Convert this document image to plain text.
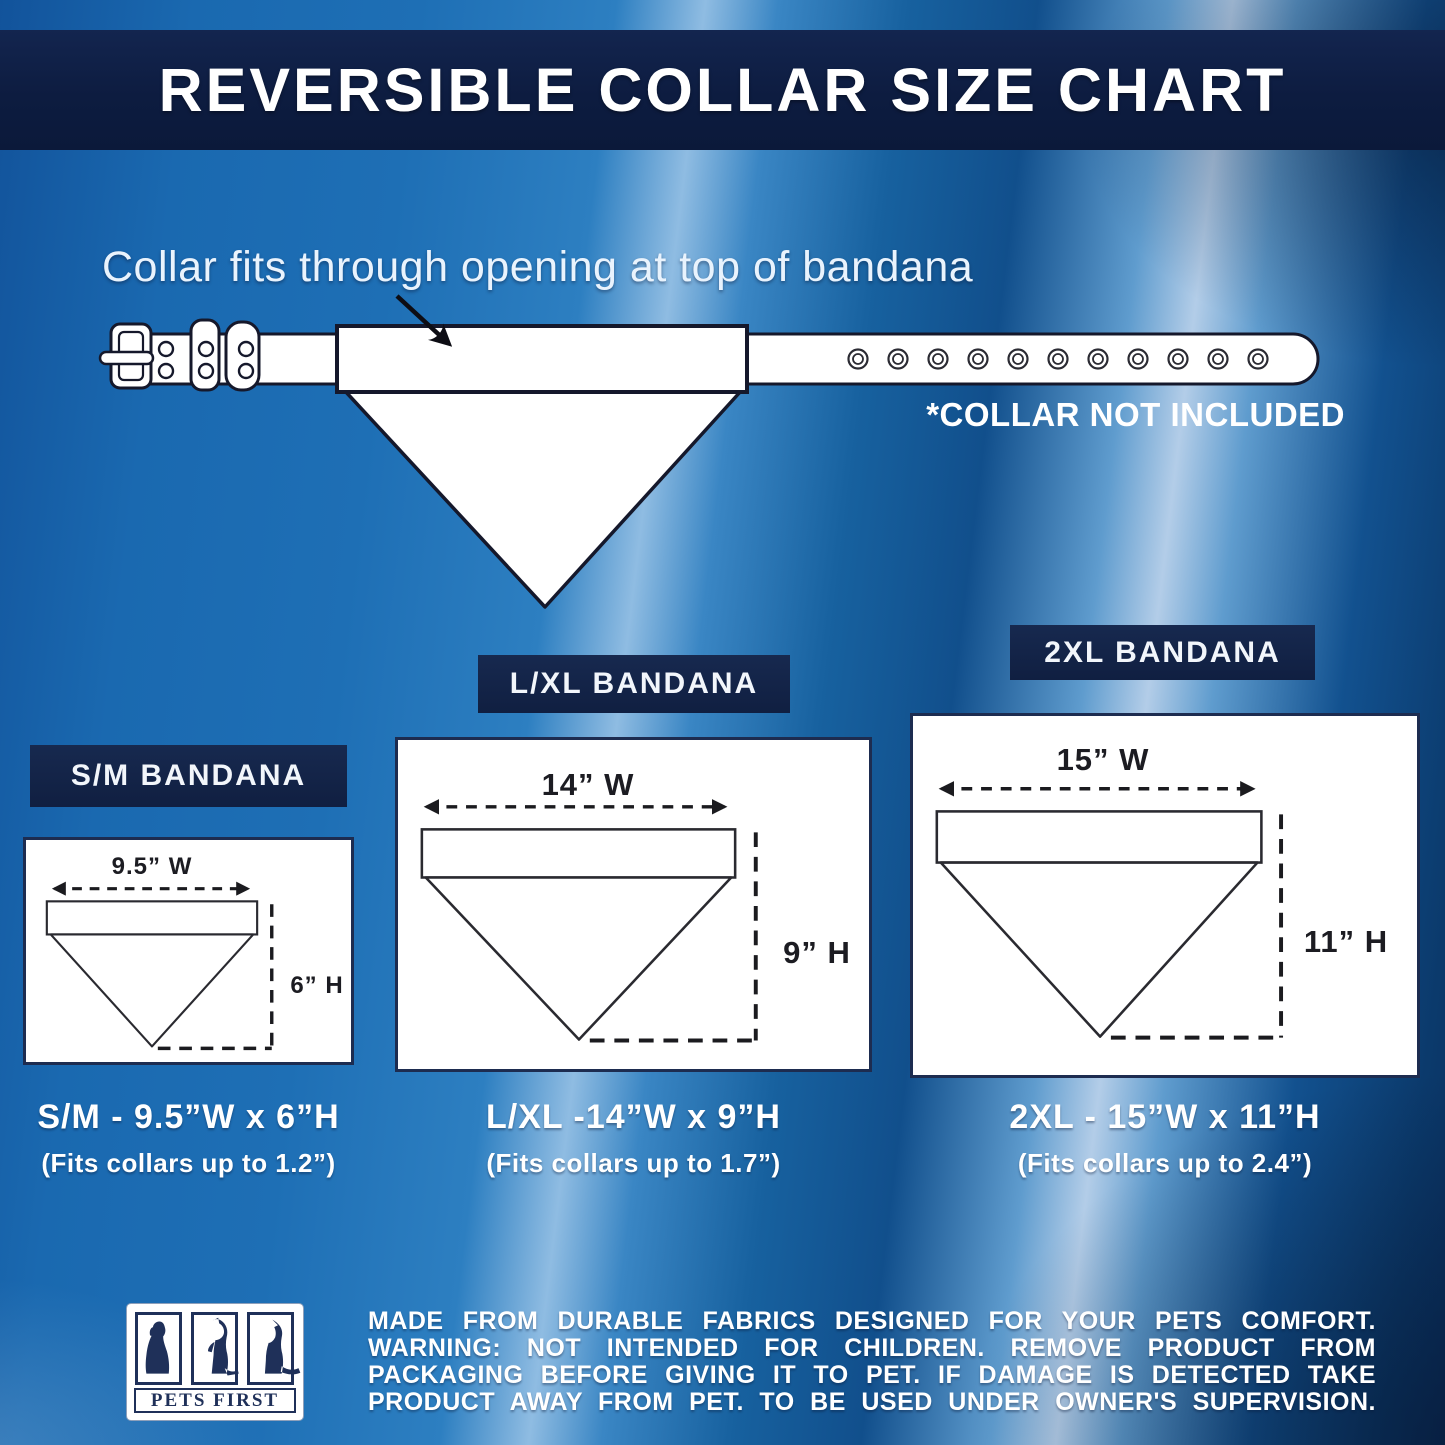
REVERSIBLE COLLAR SIZE CHART
Collar fits through opening at top of bandana
*COLLAR NOT INCLUDED
S/M BANDANA
9.5” W
6” H
S/M - 9.5”W x 6”H
(Fits collars up to 1.2”)
L/XL BANDANA
14” W
9” H
L/XL -14”W x 9”H
(Fits collars up to 1.7”)
2XL BANDANA
15” W
11” H
2XL - 15”W x 11”H
(Fits collars up to 2.4”)
PETS FIRST
MADE FROM DURABLE FABRICS DESIGNED FOR YOUR PETS COMFORT.
WARNING: NOT INTENDED FOR CHILDREN. REMOVE PRODUCT FROM
PACKAGING BEFORE GIVING IT TO PET. IF DAMAGE IS DETECTED TAKE
PRODUCT AWAY FROM PET. TO BE USED UNDER OWNER'S SUPERVISION.
